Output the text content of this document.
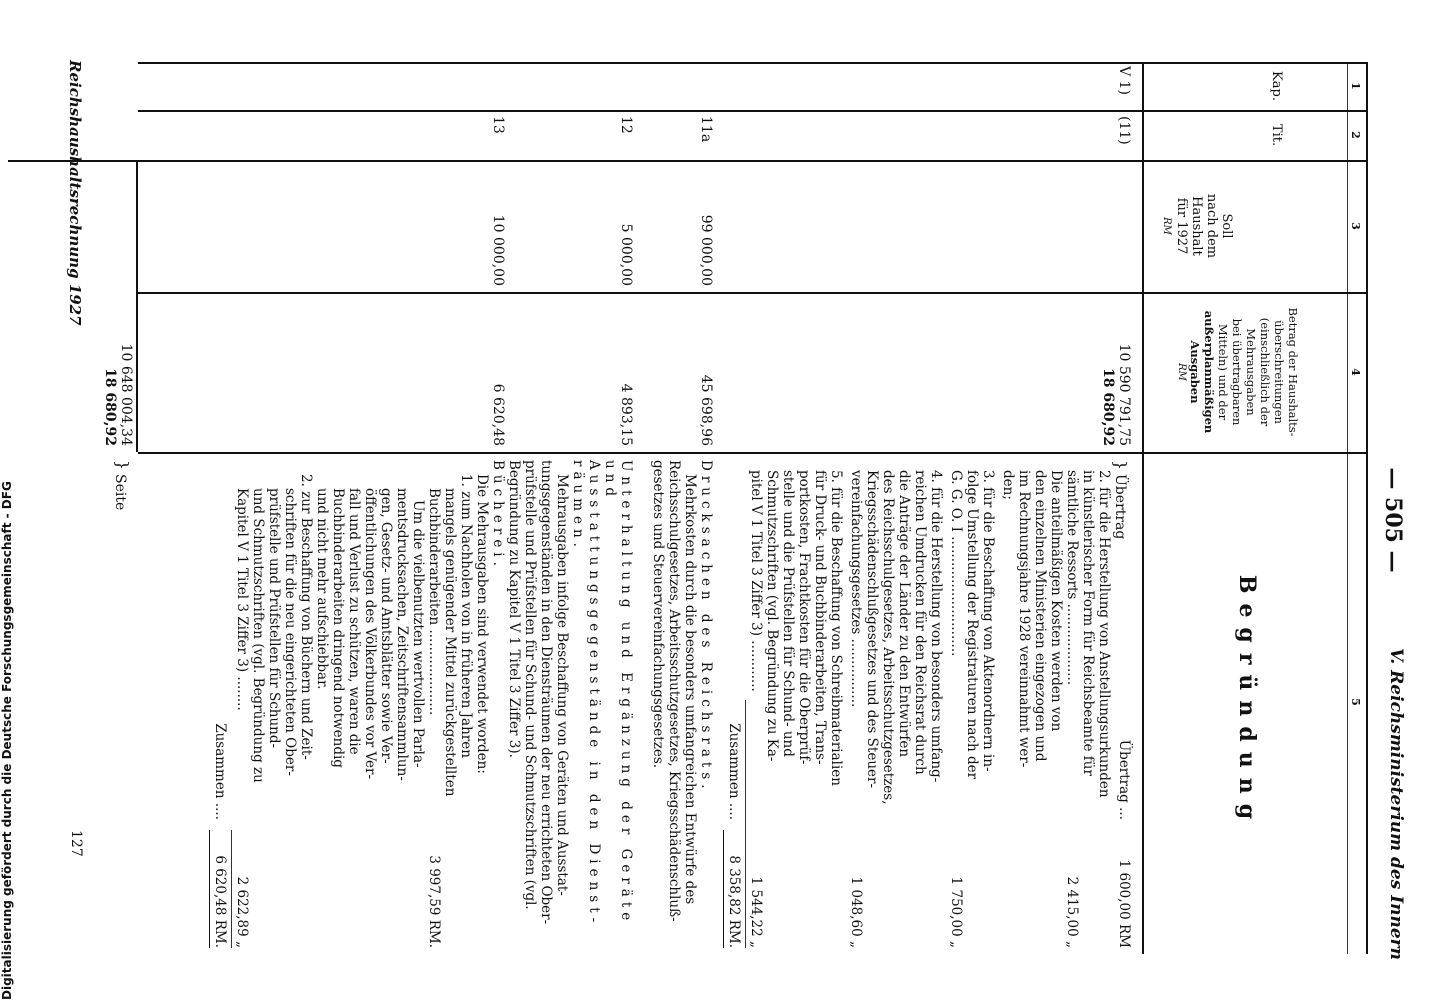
V. Reichsministerium des Innern
— 505 —
1
2
3
4
5
Kap.
Tit.
Soll
nach dem
Haushalt
für 1927
RM
Betrag der Haushalts-
überschreitungen
(einschließlich der
Mehrausgaben
bei übertragbaren
Mitteln) und der
außerplanmäßigen
Ausgaben
RM
Begründung
V 1)
(11)
10 590 791,75
18 680,92
}
Übertrag
Übertrag ...
1 600,00 RM
2. für die Herstellung von Anstellungsurkunden
in künstlerischer Form für Reichsbeamte für
sämtliche Ressorts ...................
Die anteilmäßigen Kosten werden von
den einzelnen Ministerien eingezogen und
im Rechnungsjahre 1928 vereinnahmt wer-
den;
2 415,00 „
3. für die Beschaffung von Aktenordnern in-
folge Umstellung der Registraturen nach der
G. G. O. I ............................
1 750,00 „
4. für die Herstellung von besonders umfang-
reichen Umdrucken für den Reichsrat durch
die Anträge der Länder zu den Entwürfen
des Reichsschulgesetzes, Arbeitsschutzgesetzes,
Kriegsschädenschlußgesetzes und des Steuer-
vereinfachungsgesetzes ................
1 048,60 „
5. für die Beschaffung von Schreibmaterialien
für Druck- und Buchbinderarbeiten, Trans-
portkosten, Frachtkosten für die Oberprüf-
stelle und die Prüfstellen für Schund- und
Schmutzschriften (vgl. Begründung zu Ka-
pitel V 1 Titel 3 Ziffer 3) ............
1 544,22 „
Zusammen ....
8 358,82 RM.
11a
99 000,00
45 698,96
Drucksachen des Reichsrats.
Mehrkosten durch die besonders umfangreichen Entwürfe des
Reichsschulgesetzes, Arbeitsschutzgesetzes, Kriegsschädenschluß-
gesetzes und Steuervereinfachungsgesetzes.
12
5 000,00
4 893,15
Unterhaltung und Ergänzung der Geräte und
Ausstattungsgegenstände in den Dienst-
räumen.
Mehrausgaben infolge Beschaffung von Geräten und Ausstat-
tungsgegenständen in den Diensträumen der neu errichteten Ober-
prüfstelle und Prüfstellen für Schund- und Schmutzschriften (vgl.
Begründung zu Kapitel V 1 Titel 3 Ziffer 3).
13
10 000,00
6 620,48
Bücherei.
Die Mehrausgaben sind verwendet worden:
1. zum Nachholen von in früheren Jahren
mangels genügender Mittel zurückgestellten
Buchbinderarbeiten ....................
Um die vielbenutzten wertvollen Parla-
mentsdrucksachen, Zeitschriftensammlun-
gen, Gesetz- und Amtsblätter sowie Ver-
öffentlichungen des Völkerbundes vor Ver-
fall und Verlust zu schützen, waren die
Buchbinderarbeiten dringend notwendig
und nicht mehr aufschiebbar.
2. zur Beschaffung von Büchern und Zeit-
schriften für die neu eingerichteten Ober-
prüfstelle und Prüfstellen für Schund-
und Schmutzschriften (vgl. Begründung zu
Kapitel V 1 Titel 3 Ziffer 3) ........
3 997,59 RM.
2 622,89 „
Zusammen ....
6 620,48 RM.
10 648 004,34
18 680,92
}
Seite
Reichshaushaltsrechnung 1927
127
Digitalisierung gefördert durch die Deutsche Forschungsgemeinschaft - DFG
